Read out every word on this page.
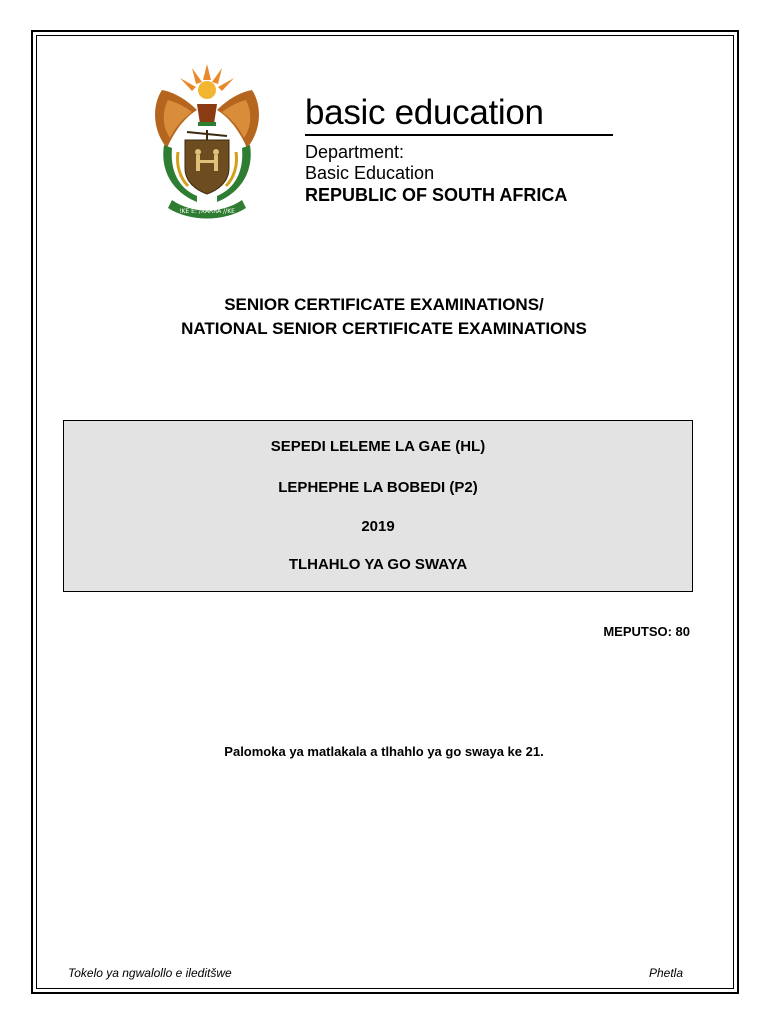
!KE E: /XARRA //KE
basic education
Department:
Basic Education
REPUBLIC OF SOUTH AFRICA
SENIOR CERTIFICATE EXAMINATIONS/
NATIONAL SENIOR CERTIFICATE EXAMINATIONS
SEPEDI LELEME LA GAE (HL)
LEPHEPHE LA BOBEDI (P2)
2019
TLHAHLO YA GO SWAYA
MEPUTSO: 80
Palomoka ya matlakala a tlhahlo ya go swaya ke 21.
Tokelo ya ngwalollo e ileditšwe	Phetla
